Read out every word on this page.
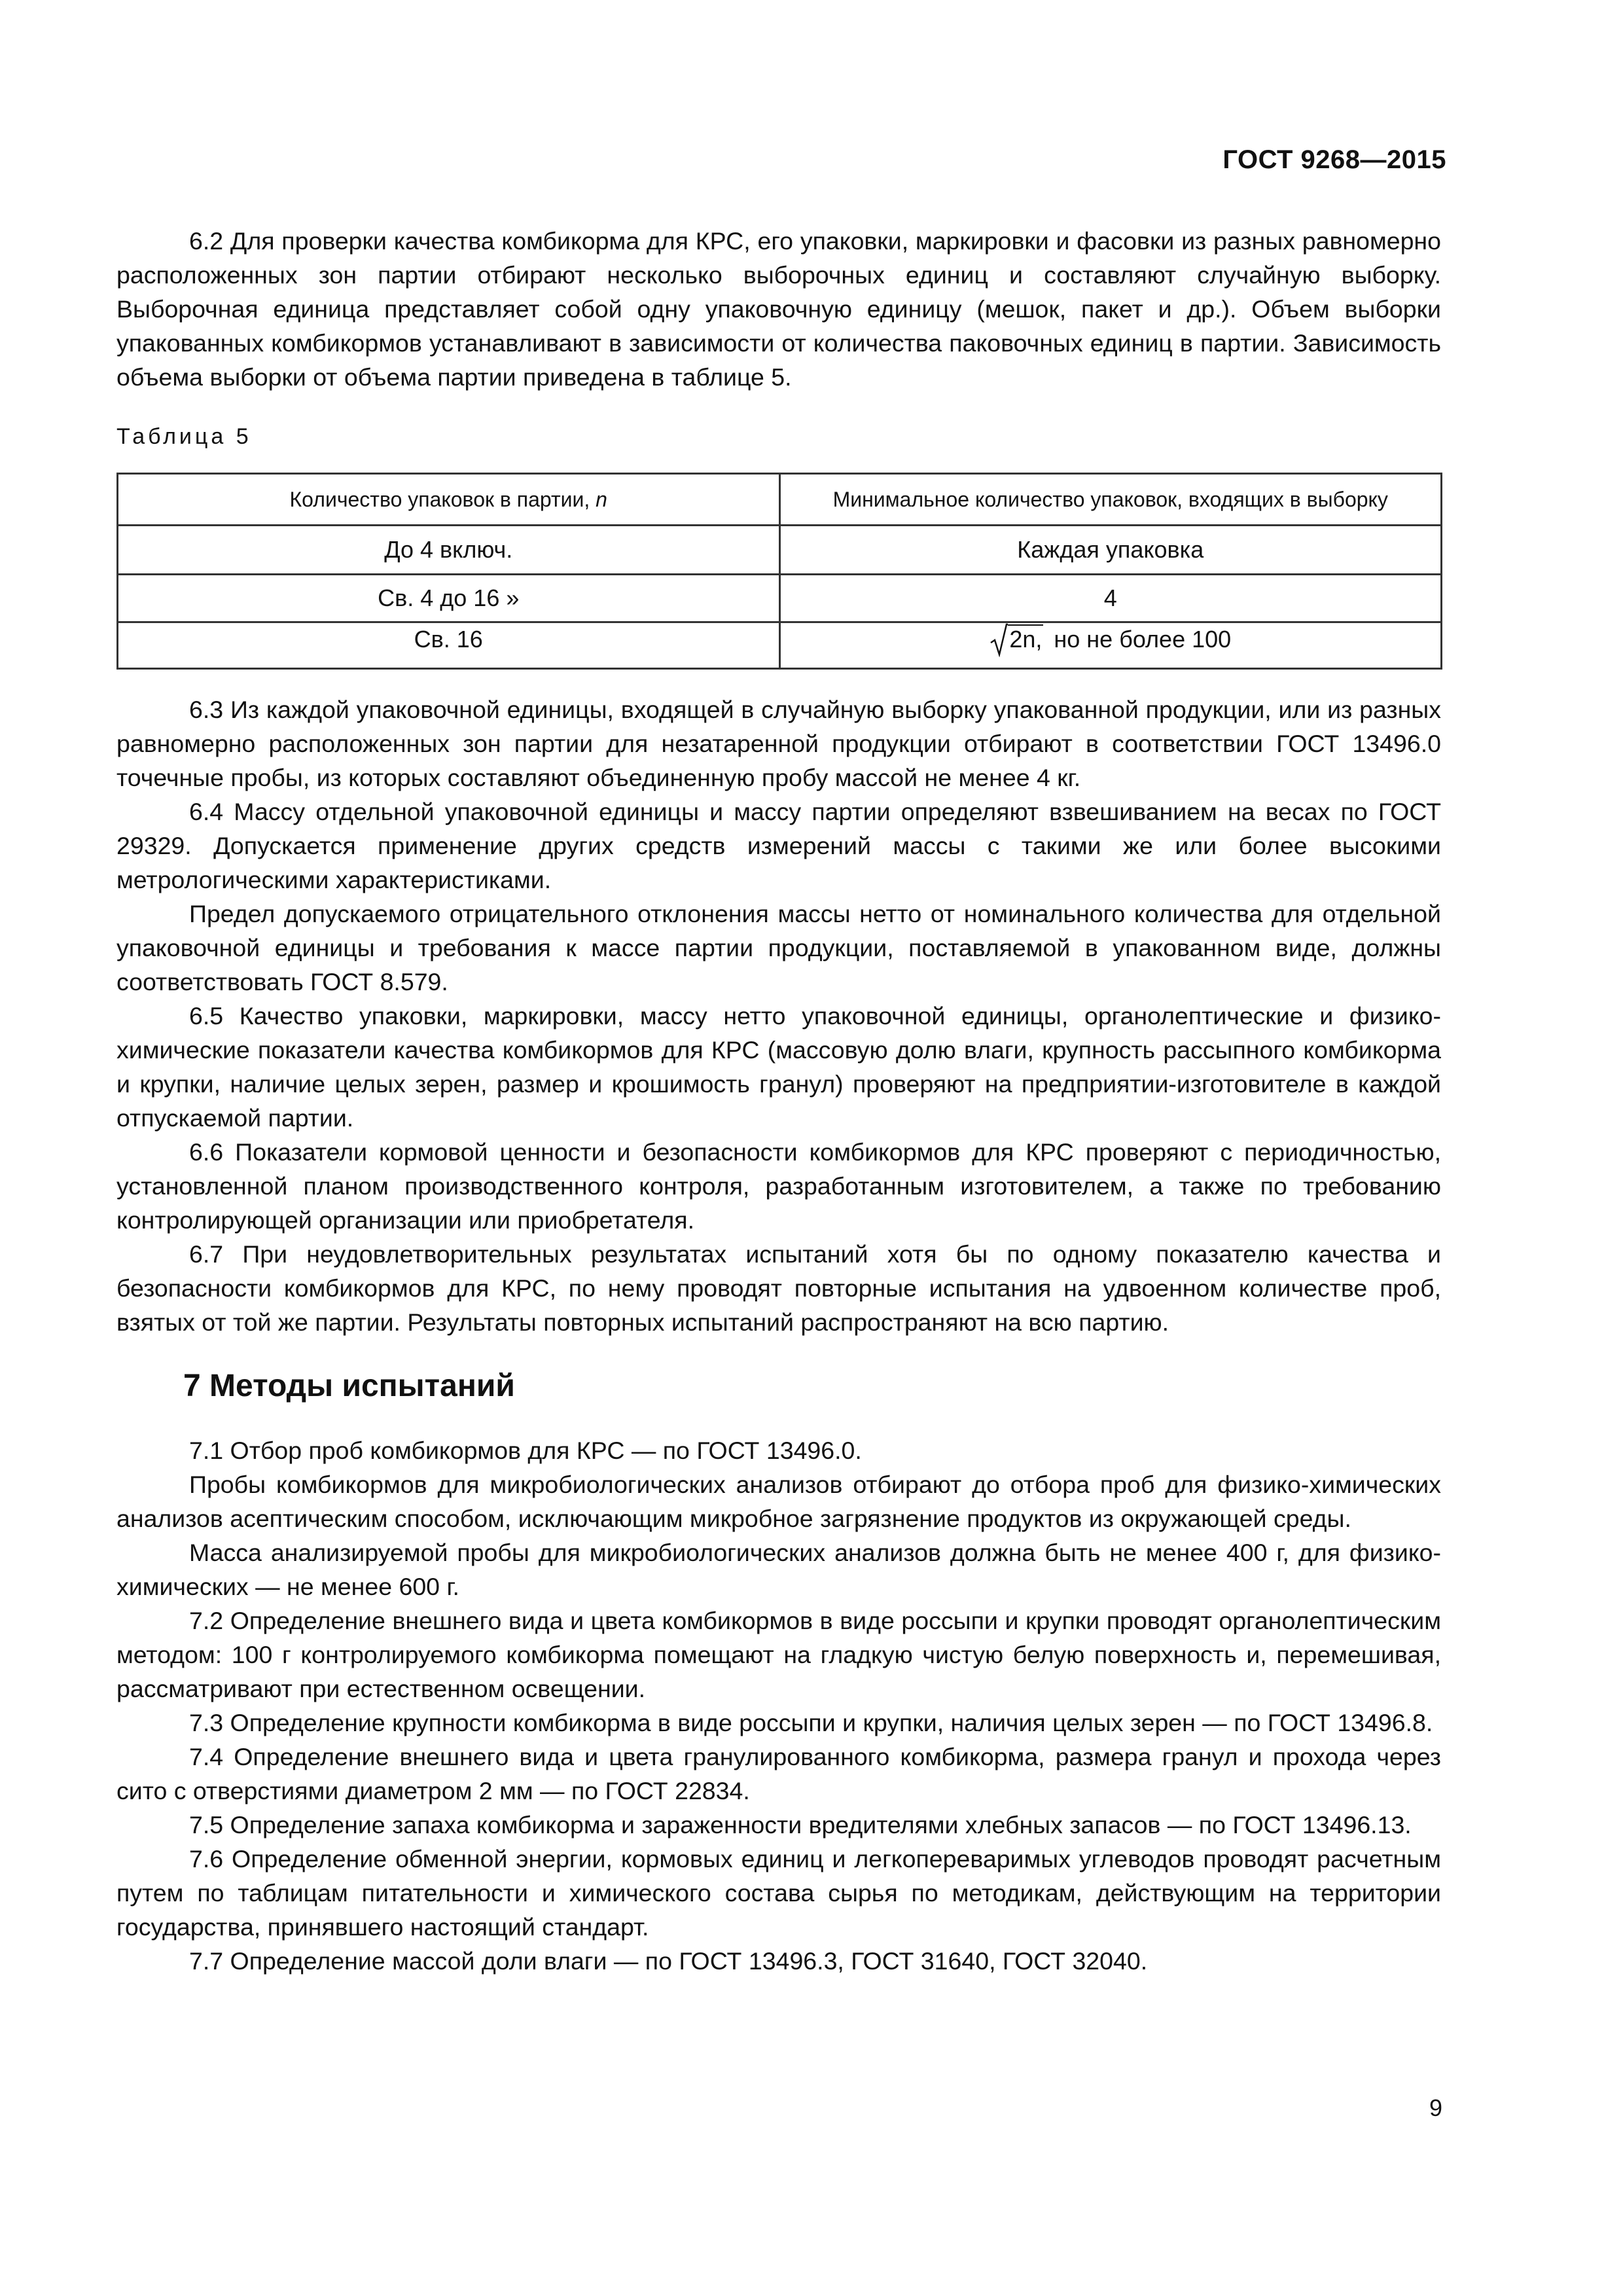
ГОСТ 9268—2015

6.2 Для проверки качества комбикорма для КРС, его упаковки, маркировки и фасовки из разных равномерно расположенных зон партии отбирают несколько выборочных единиц и составляют случайную выборку. Выборочная единица представляет собой одну упаковочную единицу (мешок, пакет и др.). Объем выборки упакованных комбикормов устанавливают в зависимости от количества паковочных единиц в партии. Зависимость объема выборки от объема партии приведена в таблице 5.

Таблица 5
Количество упаковок в партии, n	Минимальное количество упаковок, входящих в выборку
До 4 включ.	Каждая упаковка
Св. 4 до 16 »	4
Св. 16	2n, но не более 100

6.3 Из каждой упаковочной единицы, входящей в случайную выборку упакованной продукции, или из разных равномерно расположенных зон партии для незатаренной продукции отбирают в соответствии ГОСТ 13496.0 точечные пробы, из которых составляют объединенную пробу массой не менее 4 кг.

6.4 Массу отдельной упаковочной единицы и массу партии определяют взвешиванием на весах по ГОСТ 29329. Допускается применение других средств измерений массы с такими же или более высокими метрологическими характеристиками.

Предел допускаемого отрицательного отклонения массы нетто от номинального количества для отдельной упаковочной единицы и требования к массе партии продукции, поставляемой в упакованном виде, должны соответствовать ГОСТ 8.579.

6.5 Качество упаковки, маркировки, массу нетто упаковочной единицы, органолептические и физико-химические показатели качества комбикормов для КРС (массовую долю влаги, крупность рассыпного комбикорма и крупки, наличие целых зерен, размер и крошимость гранул) проверяют на предприятии-изготовителе в каждой отпускаемой партии.

6.6 Показатели кормовой ценности и безопасности комбикормов для КРС проверяют с периодичностью, установленной планом производственного контроля, разработанным изготовителем, а также по требованию контролирующей организации или приобретателя.

6.7 При неудовлетворительных результатах испытаний хотя бы по одному показателю качества и безопасности комбикормов для КРС, по нему проводят повторные испытания на удвоенном количестве проб, взятых от той же партии. Результаты повторных испытаний распространяют на всю партию.

7 Методы испытаний

7.1 Отбор проб комбикормов для КРС — по ГОСТ 13496.0.

Пробы комбикормов для микробиологических анализов отбирают до отбора проб для физико-химических анализов асептическим способом, исключающим микробное загрязнение продуктов из окружающей среды.

Масса анализируемой пробы для микробиологических анализов должна быть не менее 400 г, для физико-химических — не менее 600 г.

7.2 Определение внешнего вида и цвета комбикормов в виде россыпи и крупки проводят органолептическим методом: 100 г контролируемого комбикорма помещают на гладкую чистую белую поверхность и, перемешивая, рассматривают при естественном освещении.

7.3 Определение крупности комбикорма в виде россыпи и крупки, наличия целых зерен — по ГОСТ 13496.8.

7.4 Определение внешнего вида и цвета гранулированного комбикорма, размера гранул и прохода через сито с отверстиями диаметром 2 мм — по ГОСТ 22834.

7.5 Определение запаха комбикорма и зараженности вредителями хлебных запасов — по ГОСТ 13496.13.

7.6 Определение обменной энергии, кормовых единиц и легкопереваримых углеводов проводят расчетным путем по таблицам питательности и химического состава сырья по методикам, действующим на территории государства, принявшего настоящий стандарт.

7.7 Определение массой доли влаги — по ГОСТ 13496.3, ГОСТ 31640, ГОСТ 32040.

9
